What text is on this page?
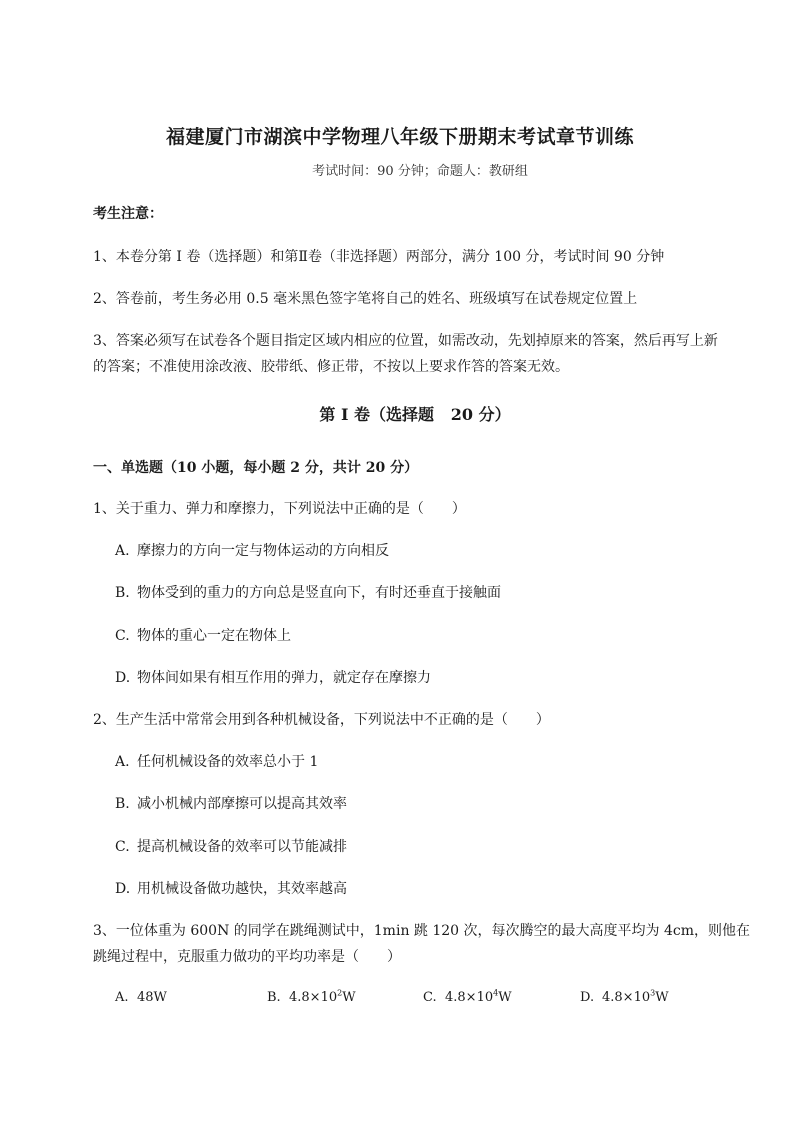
福建厦门市湖滨中学物理八年级下册期末考试章节训练
考试时间：90 分钟；命题人：教研组
考生注意：
1、本卷分第 I 卷（选择题）和第Ⅱ卷（非选择题）两部分，满分 100 分，考试时间 90 分钟
2、答卷前，考生务必用 0.5 毫米黑色签字笔将自己的姓名、班级填写在试卷规定位置上
3、答案必须写在试卷各个题目指定区域内相应的位置，如需改动，先划掉原来的答案，然后再写上新
的答案；不准使用涂改液、胶带纸、修正带，不按以上要求作答的答案无效。
第 I 卷（选择题   20 分）
一、单选题（10 小题，每小题 2 分，共计 20 分）
1、关于重力、弹力和摩擦力，下列说法中正确的是（　　）
A. 摩擦力的方向一定与物体运动的方向相反
B. 物体受到的重力的方向总是竖直向下，有时还垂直于接触面
C. 物体的重心一定在物体上
D. 物体间如果有相互作用的弹力，就定存在摩擦力
2、生产生活中常常会用到各种机械设备，下列说法中不正确的是（　　）
A. 任何机械设备的效率总小于 1
B. 减小机械内部摩擦可以提高其效率
C. 提高机械设备的效率可以节能减排
D. 用机械设备做功越快，其效率越高
3、一位体重为 600N 的同学在跳绳测试中，1min 跳 120 次，每次腾空的最大高度平均为 4cm，则他在
跳绳过程中，克服重力做功的平均功率是（　　）
A. 48W	B. $4.8\times 10^2W$	C. $4.8\times 10^4W$	D. $4.8\times 10^3W$
